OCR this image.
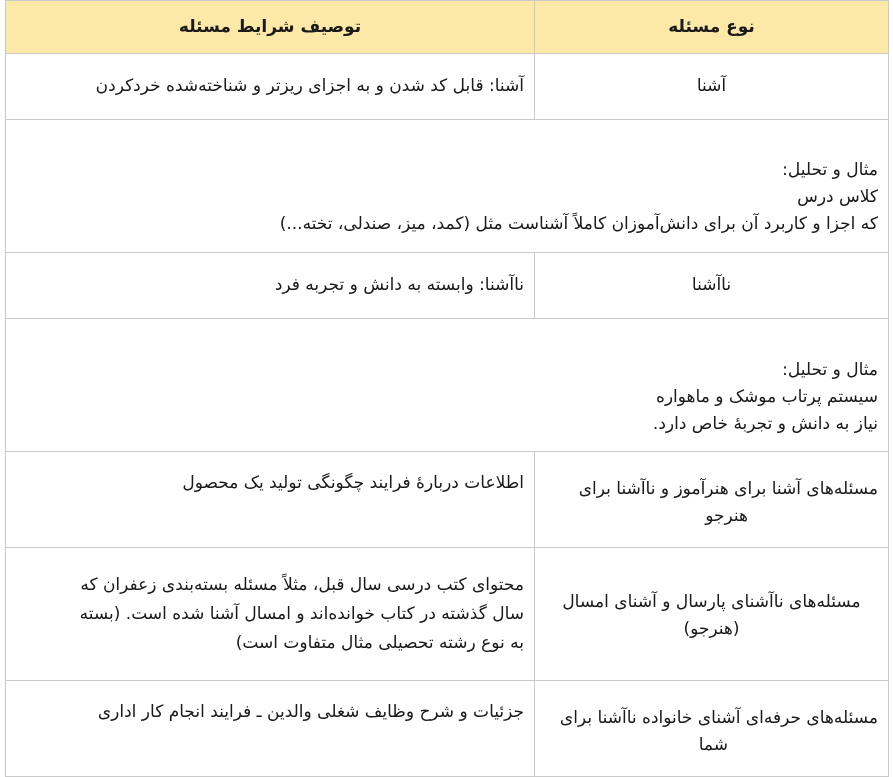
نوع مسئله	توصیف شرایط مسئله
آشنا	آشنا: قابل کد شدن و به اجزای ریزتر و شناخته‌شده خردکردن

مثال و تحلیل:
کلاس درس
که اجزا و کاربرد آن برای دانش‌آموزان کاملاً آشناست مثل (کمد، میز، صندلی، تخته...)	

ناآشنا	ناآشنا: وابسته به دانش و تجربه فرد

مثال و تحلیل:
سیستم پرتاب موشک و ماهواره
نیاز به دانش و تجربهٔ خاص دارد.	

مسئله‌های آشنا برای هنرآموز و ناآشنا برای
هنرجو	اطلاعات دربارهٔ فرایند چگونگی تولید یک محصول

مسئله‌های ناآشنای پارسال و آشنای امسال
(هنرجو)	محتوای کتب درسی سال قبل، مثلاً مسئله بسته‌بندی زعفران که
سال گذشته در کتاب خوانده‌اند و امسال آشنا شده است. (بسته
به نوع رشته تحصیلی مثال متفاوت است)

مسئله‌های حرفه‌ای آشنای خانواده ناآشنا برای
شما	جزئیات و شرح وظایف شغلی والدین ـ فرایند انجام کار اداری
